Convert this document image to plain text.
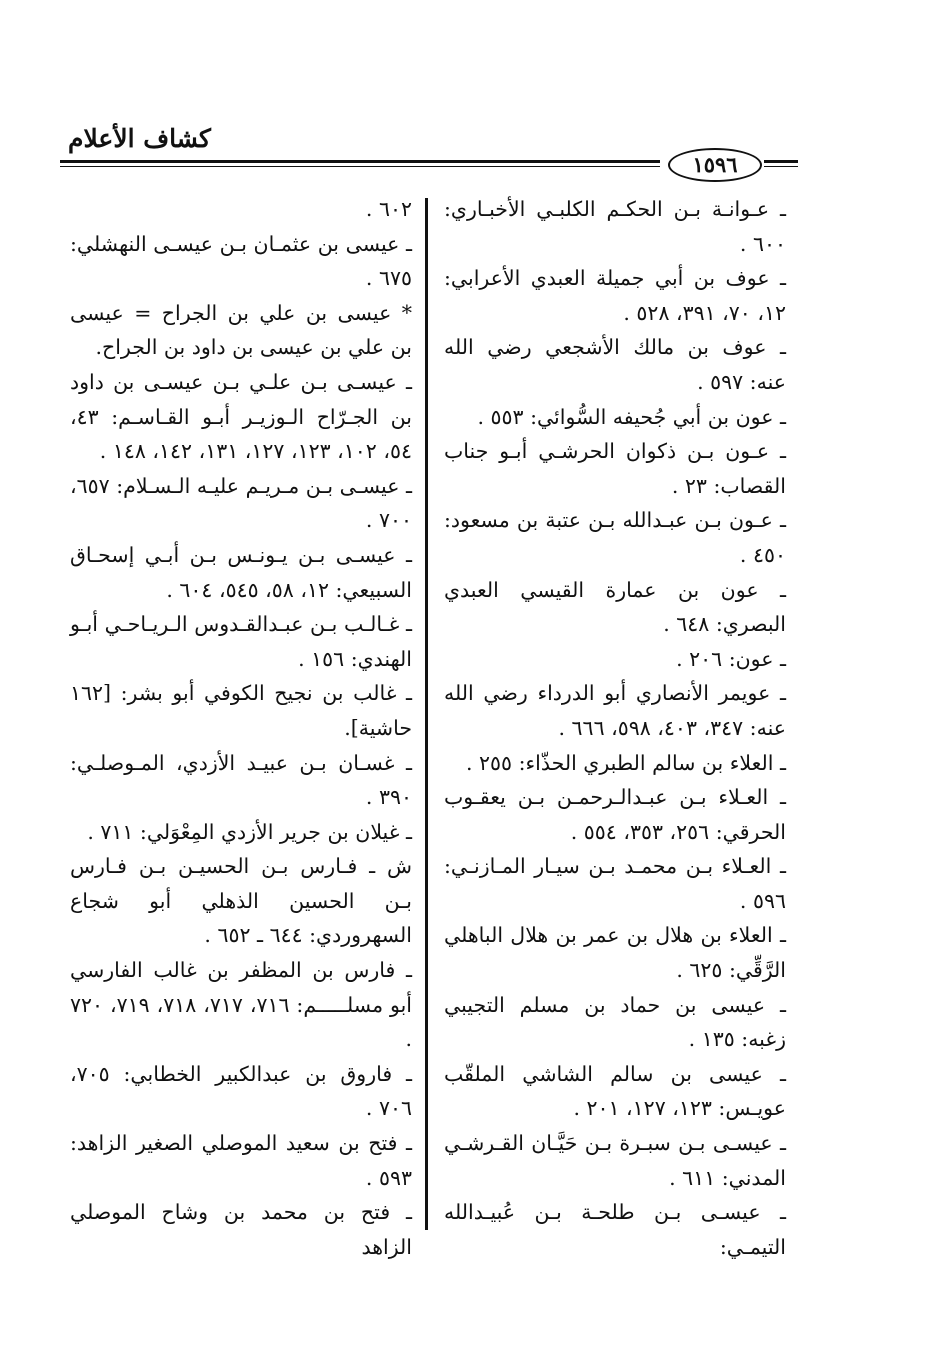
كشاف الأعلام
١٥٩٦

ـ عـوانـة بـن الحكـم الكلبـي الأخبـاري: ٦٠٠ .

ـ عوف بن أبي جميلة العبدي الأعرابي: ١٢، ٧٠، ٣٩١، ٥٢٨ .

ـ عوف بن مالك الأشجعي رضي الله عنه: ٥٩٧ .

ـ عون بن أبي جُحيفه السُّوائي: ٥٥٣ .

ـ عـون بـن ذكوان الحرشـي أبـو جناب القصاب: ٢٣ .

ـ عـون بـن عبـدالله بـن عتبة بن مسعود: ٤٥٠ .

ـ عون بن عمارة القيسي العبدي البصري: ٦٤٨ .

ـ عون: ٢٠٦ .

ـ عويمر الأنصاري أبو الدرداء رضي الله عنه: ٣٤٧، ٤٠٣، ٥٩٨، ٦٦٦ .

ـ العلاء بن سالم الطبري الحذّاء: ٢٥٥ .

ـ العـلاء بـن عبـدالـرحمـن بـن يعقـوب الحرقي: ٢٥٦، ٣٥٣، ٥٥٤ .

ـ العـلاء بـن محمـد بـن سيـار المـازنـي: ٥٩٦ .

ـ العلاء بن هلال بن عمر بن هلال الباهلي الرَّقِّي: ٦٢٥ .

ـ عيسى بن حماد بن مسلم التجيبي زغبه: ١٣٥ .

ـ عيسى بن سالم الشاشي الملقّب عويـس: ١٢٣، ١٢٧، ٢٠١ .

ـ عيسـى بـن سبـرة بـن حَيَّـان القـرشـي المدني: ٦١١ .

ـ عيسـى بـن طلحـة بـن عُبيـدالله التيمـي:

٦٠٢ .

ـ عيسى بن عثمـان بـن عيسـى النهشلي: ٦٧٥ .

* عيسى بن علي بن الجراح = عيسى بن علي بن عيسى بن داود بن الجراح.

ـ عيسـى بـن علـي بـن عيسـى بن داود بن الجـرّاح الـوزيـر أبـو القـاسـم: ٤٣، ٥٤، ١٠٢، ١٢٣، ١٢٧، ١٣١، ١٤٢، ١٤٨ .

ـ عيسـى بـن مـريـم عليـه الـسـلام: ٦٥٧، ٧٠٠ .

ـ عيسـى بـن يـونـس بـن أبـي إسحـاق السبيعي: ١٢، ٥٨، ٥٤٥، ٦٠٤ .

ـ غـالـب بـن عبـدالقـدوس الـريـاحـي أبـو الهندي: ١٥٦ .

ـ غالب بن نجيح الكوفي أبو بشر: [١٦٢ حاشية].

ـ غسـان بـن عبيـد الأزدي، المـوصلـي: ٣٩٠ .

ـ غيلان بن جرير الأزدي المِعْوَلي: ٧١١ .

ش ـ فـارس بـن الحسيـن بـن فـارس بـن الحسين الذهلي أبو شجاع السهروردي: ٦٤٤ ـ ٦٥٢ .

ـ فارس بن المظفر بن غالب الفارسي أبو مسلـــــم: ٧١٦، ٧١٧، ٧١٨، ٧١٩، ٧٢٠ .

ـ فاروق بن عبدالكبير الخطابي: ٧٠٥، ٧٠٦ .

ـ فتح بن سعيد الموصلي الصغير الزاهد: ٥٩٣ .

ـ فتح بن محمد بن وشاح الموصلي الزاهد
